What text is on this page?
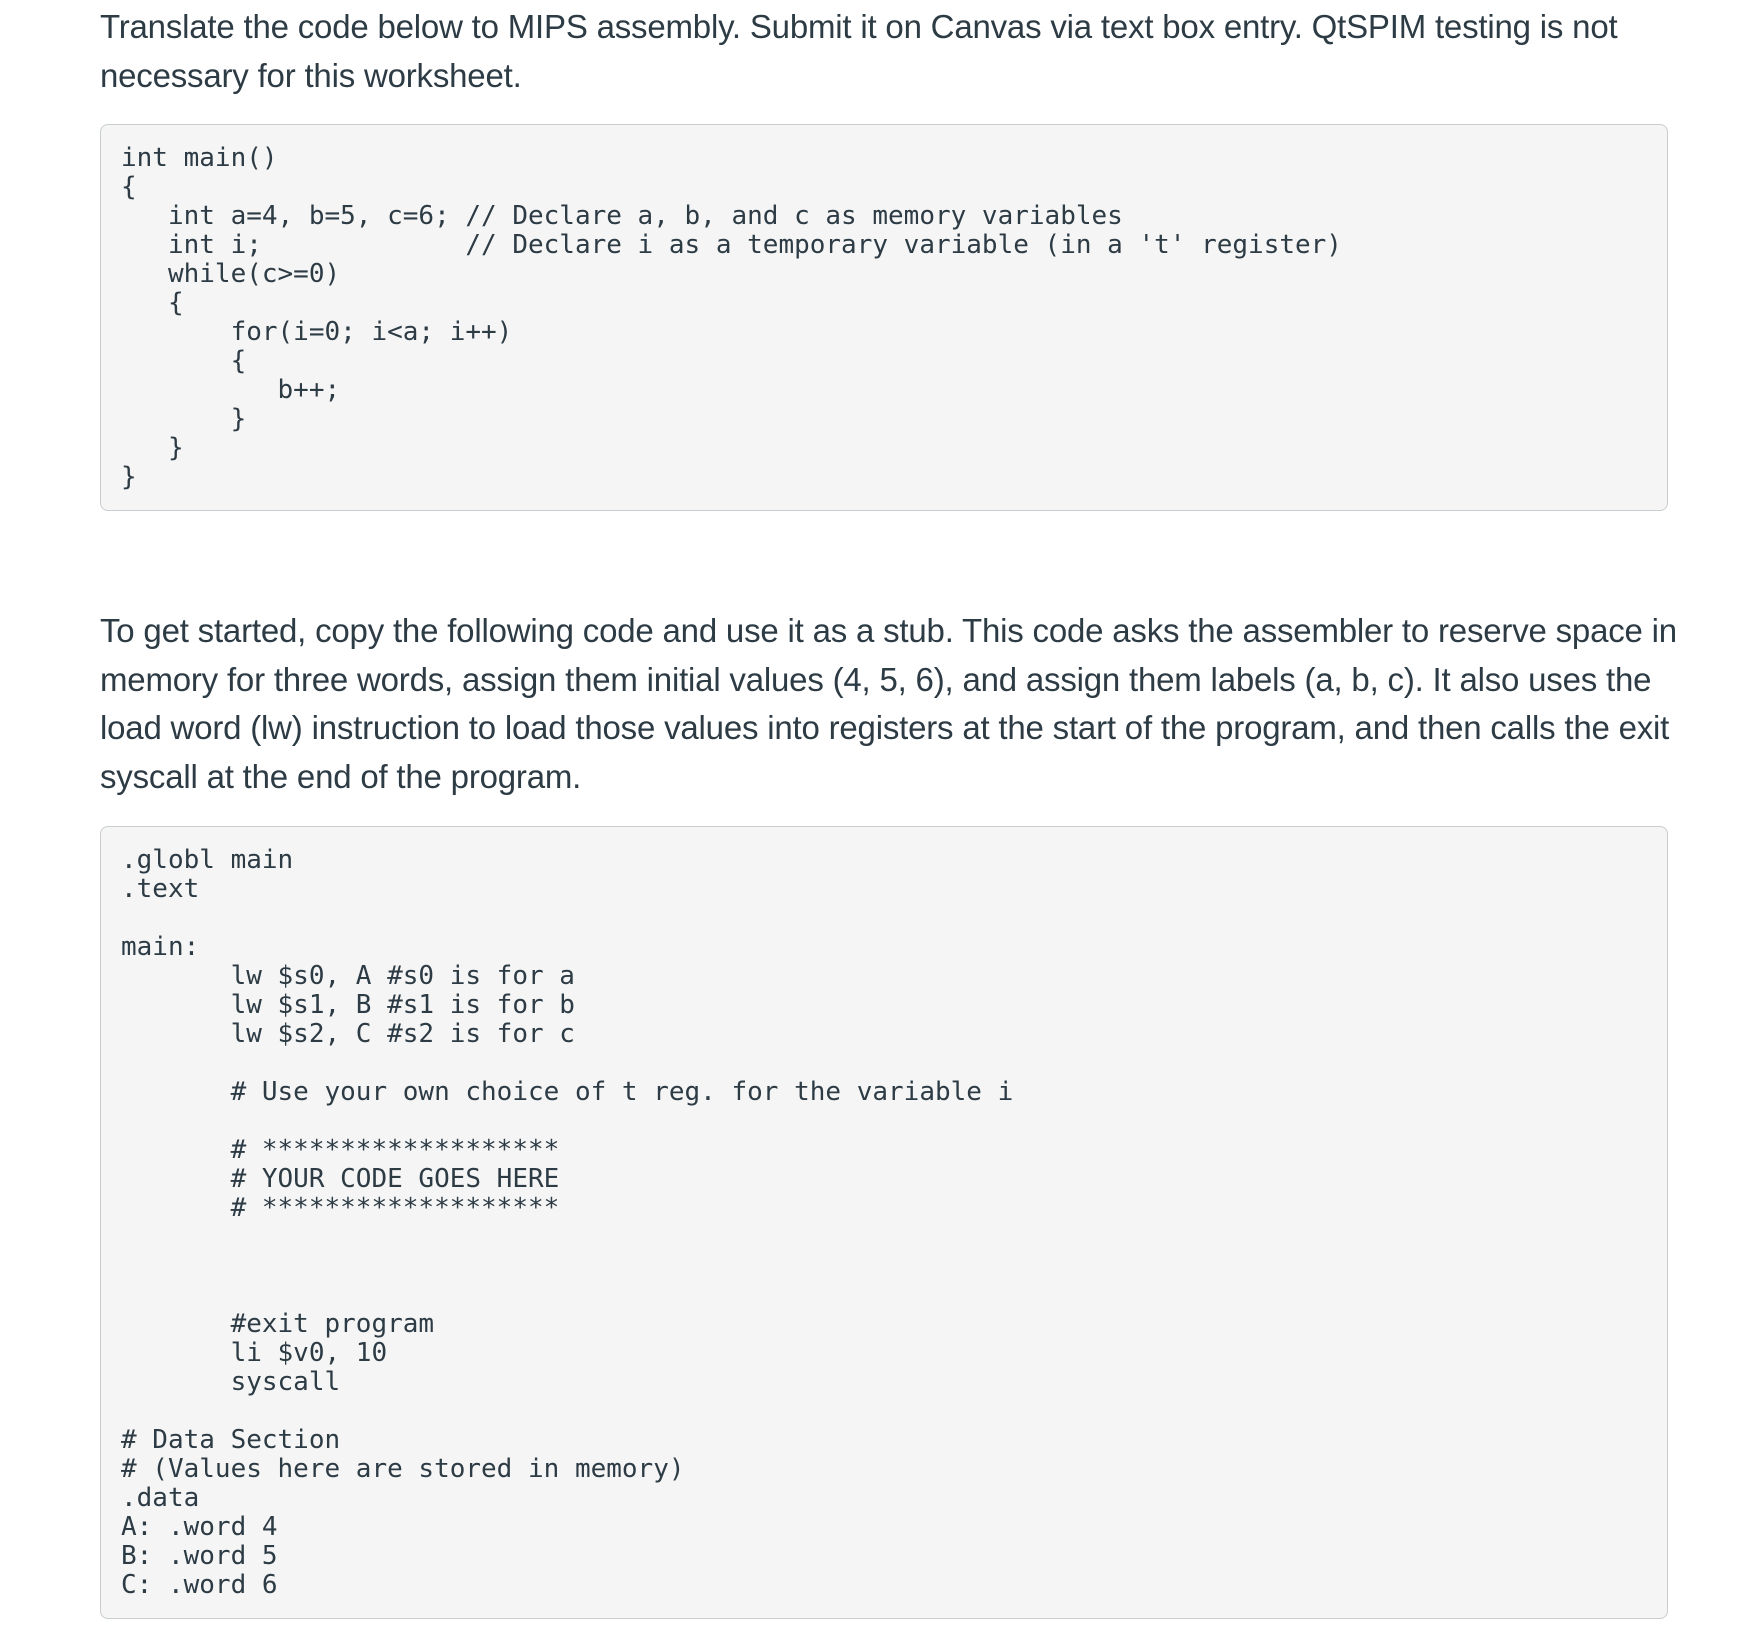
Translate the code below to MIPS assembly. Submit it on Canvas via text box entry. QtSPIM testing is not necessary for this worksheet.

int main()
{
int a=4, b=5, c=6; // Declare a, b, and c as memory variables
int i;             // Declare i as a temporary variable (in a 't' register)
while(c>=0)
{
for(i=0; i<a; i++)
{
b++;
}
}
}

To get started, copy the following code and use it as a stub. This code asks the assembler to reserve space in memory for three words, assign them initial values (4, 5, 6), and assign them labels (a, b, c). It also uses the load word (lw) instruction to load those values into registers at the start of the program, and then calls the exit syscall at the end of the program.

.globl main
.text

main:
lw $s0, A #s0 is for a
lw $s1, B #s1 is for b
lw $s2, C #s2 is for c

# Use your own choice of t reg. for the variable i

# *******************
# YOUR CODE GOES HERE
# *******************

#exit program
li $v0, 10
syscall

# Data Section
# (Values here are stored in memory)
.data
A: .word 4
B: .word 5
C: .word 6
